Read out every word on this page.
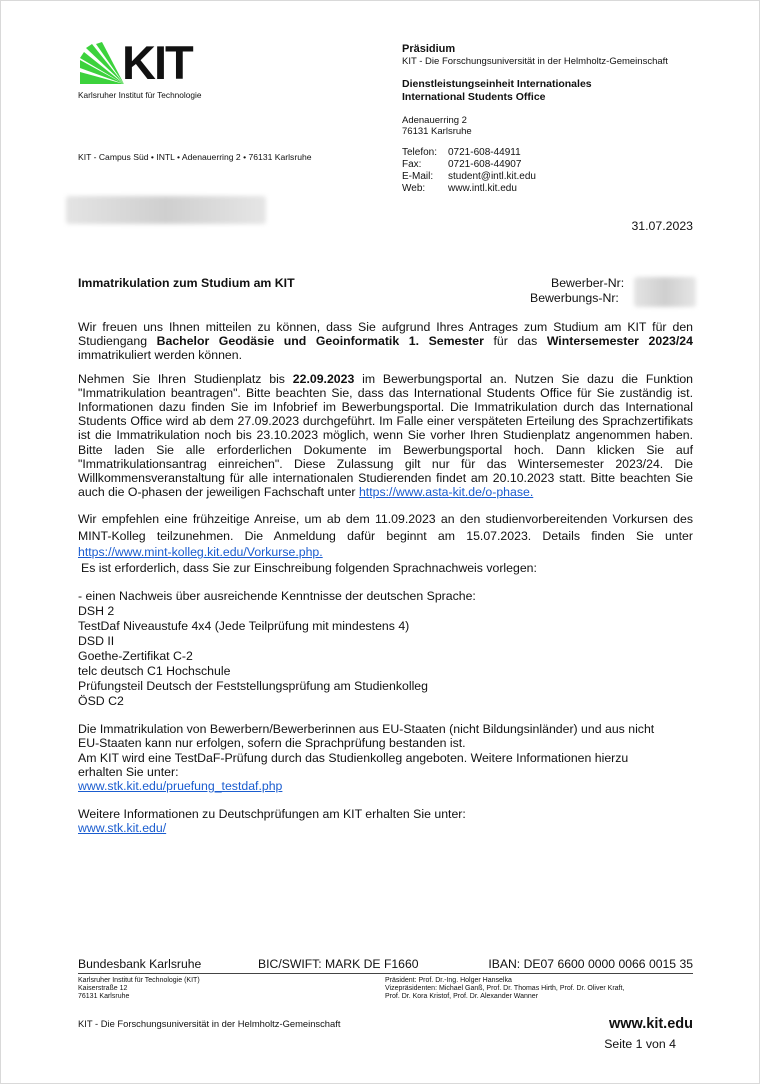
KIT
Karlsruher Institut für Technologie
Präsidium
KIT - Die Forschungsuniversität in der Helmholtz-Gemeinschaft
Dienstleistungseinheit Internationales
International Students Office
Adenauerring 2
76131 Karlsruhe
Telefon: 0721-608-44911
Fax:	0721-608-44907
E-Mail: student@intl.kit.edu
Web: www.intl.kit.edu
KIT - Campus Süd • INTL • Adenauerring 2 • 76131 Karlsruhe
31.07.2023
Immatrikulation zum Studium am KIT	Bewerber-Nr:
Bewerbungs-Nr:
Wir freuen uns Ihnen mitteilen zu können, dass Sie aufgrund Ihres Antrages zum Studium am KIT für den Studiengang Bachelor Geodäsie und Geoinformatik 1. Semester für das Wintersemester 2023/24 immatrikuliert werden können.
Nehmen Sie Ihren Studienplatz bis 22.09.2023 im Bewerbungsportal an. Nutzen Sie dazu die Funktion "Immatrikulation beantragen". Bitte beachten Sie, dass das International Students Office für Sie zuständig ist. Informationen dazu finden Sie im Infobrief im Bewerbungsportal. Die Immatrikulation durch das International Students Office wird ab dem 27.09.2023 durchgeführt. Im Falle einer verspäteten Erteilung des Sprachzertifikats ist die Immatrikulation noch bis 23.10.2023 möglich, wenn Sie vorher Ihren Studienplatz angenommen haben. Bitte laden Sie alle erforderlichen Dokumente im Bewerbungsportal hoch. Dann klicken Sie auf "Immatrikulationsantrag einreichen". Diese Zulassung gilt nur für das Wintersemester 2023/24. Die Willkommensveranstaltung für alle internationalen Studierenden findet am 20.10.2023 statt. Bitte beachten Sie auch die O-phasen der jeweiligen Fachschaft unter https://www.asta-kit.de/o-phase.
Wir empfehlen eine frühzeitige Anreise, um ab dem 11.09.2023 an den studienvorbereitenden Vorkursen des MINT-Kolleg teilzunehmen. Die Anmeldung dafür beginnt am 15.07.2023. Details finden Sie unter https://www.mint-kolleg.kit.edu/Vorkurse.php.
Es ist erforderlich, dass Sie zur Einschreibung folgenden Sprachnachweis vorlegen:
- einen Nachweis über ausreichende Kenntnisse der deutschen Sprache:
DSH 2
TestDaf Niveaustufe 4x4 (Jede Teilprüfung mit mindestens 4)
DSD II
Goethe-Zertifikat C-2
telc deutsch C1 Hochschule
Prüfungsteil Deutsch der Feststellungsprüfung am Studienkolleg
ÖSD C2
Die Immatrikulation von Bewerbern/Bewerberinnen aus EU-Staaten (nicht Bildungsinländer) und aus nicht
EU-Staaten kann nur erfolgen, sofern die Sprachprüfung bestanden ist.
Am KIT wird eine TestDaF-Prüfung durch das Studienkolleg angeboten. Weitere Informationen hierzu
erhalten Sie unter:
www.stk.kit.edu/pruefung_testdaf.php
Weitere Informationen zu Deutschprüfungen am KIT erhalten Sie unter:
www.stk.kit.edu/
Bundesbank Karlsruhe	BIC/SWIFT: MARK DE F1660	IBAN: DE07 6600 0000 0066 0015 35
Karlsruher Institut für Technologie (KIT)
Kaiserstraße 12
76131 Karlsruhe
Präsident: Prof. Dr.-Ing. Holger Hanselka
Vizepräsidenten: Michael Ganß, Prof. Dr. Thomas Hirth, Prof. Dr. Oliver Kraft,
Prof. Dr. Kora Kristof, Prof. Dr. Alexander Wanner
KIT - Die Forschungsuniversität in der Helmholtz-Gemeinschaft	www.kit.edu
Seite 1 von 4
